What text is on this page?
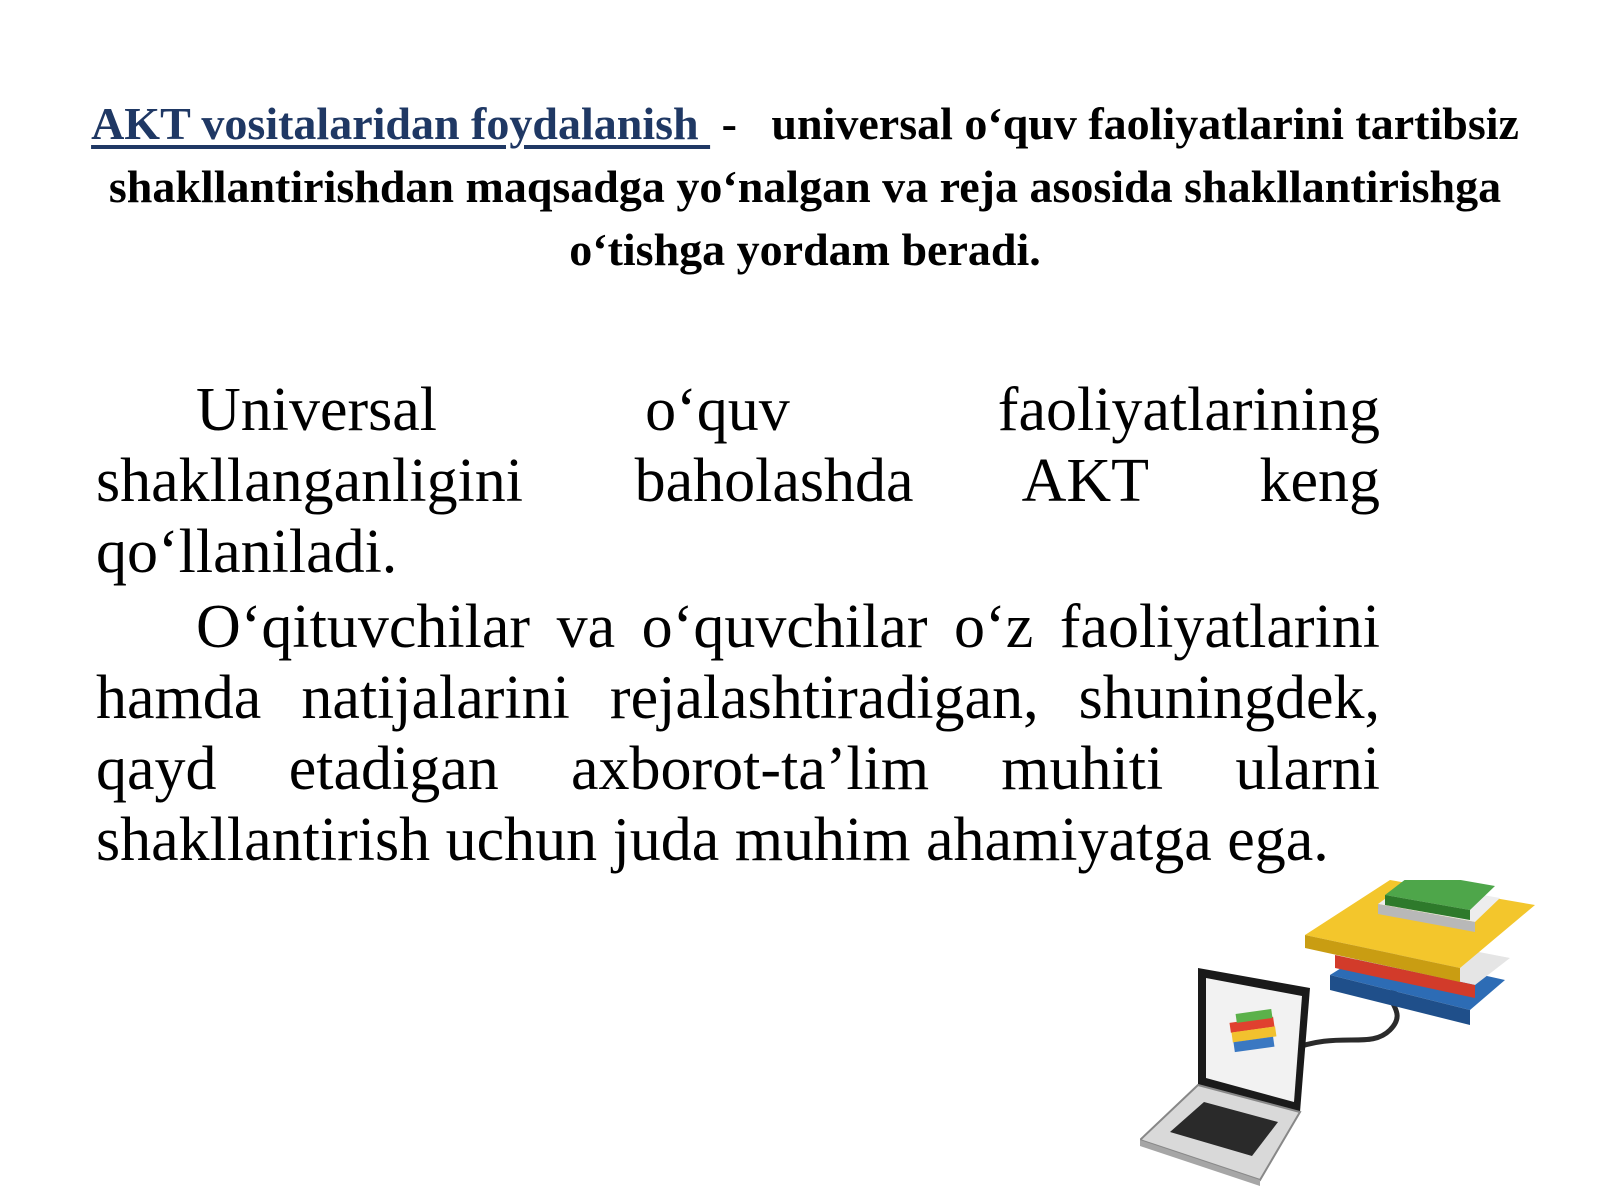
AKT vositalaridan foydalanish  -   universal o‘quv faoliyatlarini tartibsiz shakllantirishdan maqsadga yo‘nalgan va reja asosida shakllantirishga o‘tishga yordam beradi.

Universal o‘quv faoliyatlarining shakllanganligini baholashda AKT keng qo‘llaniladi.

O‘qituvchilar va o‘quvchilar o‘z faoliyatlarini hamda natijalarini rejalashtiradigan, shuningdek, qayd etadigan axborot-ta’lim muhiti ularni shakllantirish uchun juda muhim ahamiyatga ega.
